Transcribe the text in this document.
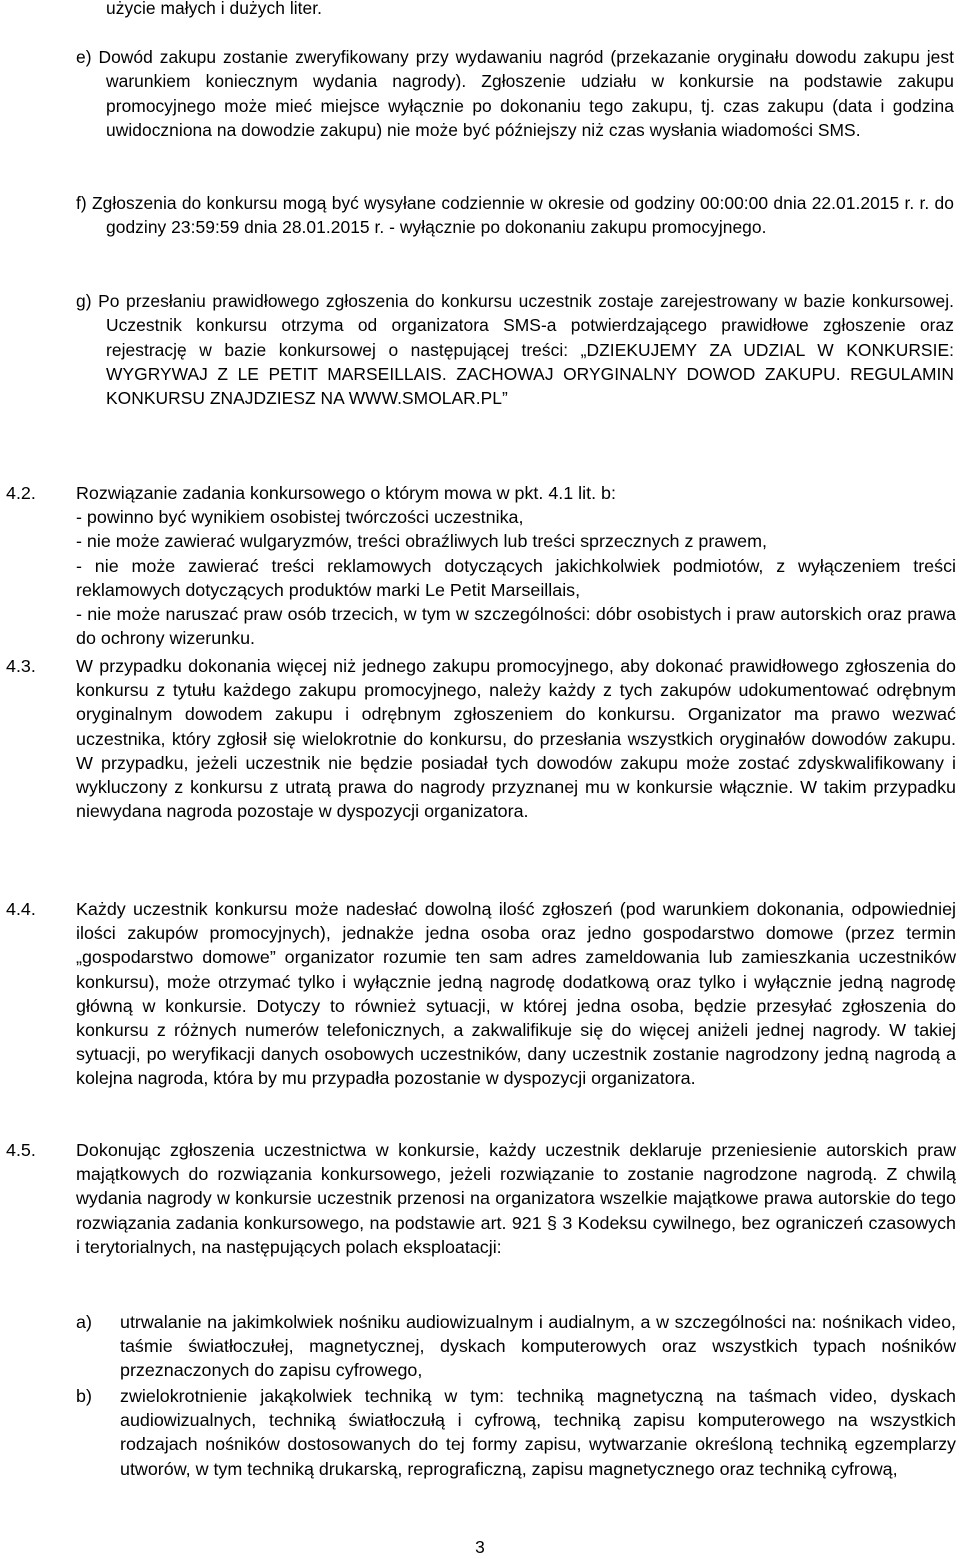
użycie małych i dużych liter.
e) Dowód zakupu zostanie zweryfikowany przy wydawaniu nagród (przekazanie oryginału dowodu zakupu jest warunkiem koniecznym wydania nagrody). Zgłoszenie udziału w konkursie na podstawie zakupu promocyjnego może mieć miejsce wyłącznie po dokonaniu tego zakupu, tj. czas zakupu (data i godzina uwidoczniona na dowodzie zakupu) nie może być późniejszy niż czas wysłania wiadomości SMS.
f) Zgłoszenia do konkursu mogą być wysyłane codziennie w okresie od godziny 00:00:00 dnia 22.01.2015 r. r. do godziny 23:59:59 dnia 28.01.2015 r. - wyłącznie po dokonaniu zakupu promocyjnego.
g) Po przesłaniu prawidłowego zgłoszenia do konkursu uczestnik zostaje zarejestrowany w bazie konkursowej. Uczestnik konkursu otrzyma od organizatora SMS-a potwierdzającego prawidłowe zgłoszenie oraz rejestrację w bazie konkursowej o następującej treści: „DZIEKUJEMY ZA UDZIAL W KONKURSIE: WYGRYWAJ Z LE PETIT MARSEILLAIS. ZACHOWAJ ORYGINALNY DOWOD ZAKUPU. REGULAMIN KONKURSU ZNAJDZIESZ NA WWW.SMOLAR.PL”
4.2. Rozwiązanie zadania konkursowego o którym mowa w pkt. 4.1 lit. b:
- powinno być wynikiem osobistej twórczości uczestnika,
- nie może zawierać wulgaryzmów, treści obraźliwych lub treści sprzecznych z prawem,
- nie może zawierać treści reklamowych dotyczących jakichkolwiek podmiotów, z wyłączeniem treści reklamowych dotyczących produktów marki Le Petit Marseillais,
- nie może naruszać praw osób trzecich, w tym w szczególności: dóbr osobistych i praw autorskich oraz prawa do ochrony wizerunku.
4.3. W przypadku dokonania więcej niż jednego zakupu promocyjnego, aby dokonać prawidłowego zgłoszenia do konkursu z tytułu każdego zakupu promocyjnego, należy każdy z tych zakupów udokumentować odrębnym oryginalnym dowodem zakupu i odrębnym zgłoszeniem do konkursu. Organizator ma prawo wezwać uczestnika, który zgłosił się wielokrotnie do konkursu, do przesłania wszystkich oryginałów dowodów zakupu. W przypadku, jeżeli uczestnik nie będzie posiadał tych dowodów zakupu może zostać zdyskwalifikowany i wykluczony z konkursu z utratą prawa do nagrody przyznanej mu w konkursie włącznie. W takim przypadku niewydana nagroda pozostaje w dyspozycji organizatora.
4.4. Każdy uczestnik konkursu może nadesłać dowolną ilość zgłoszeń (pod warunkiem dokonania, odpowiedniej ilości zakupów promocyjnych), jednakże jedna osoba oraz jedno gospodarstwo domowe (przez termin „gospodarstwo domowe” organizator rozumie ten sam adres zameldowania lub zamieszkania uczestników konkursu), może otrzymać tylko i wyłącznie jedną nagrodę dodatkową oraz tylko i wyłącznie jedną nagrodę główną w konkursie. Dotyczy to również sytuacji, w której jedna osoba, będzie przesyłać zgłoszenia do konkursu z różnych numerów telefonicznych, a zakwalifikuje się do więcej aniżeli jednej nagrody. W takiej sytuacji, po weryfikacji danych osobowych uczestników, dany uczestnik zostanie nagrodzony jedną nagrodą a kolejna nagroda, która by mu przypadła pozostanie w dyspozycji organizatora.
4.5. Dokonując zgłoszenia uczestnictwa w konkursie, każdy uczestnik deklaruje przeniesienie autorskich praw majątkowych do rozwiązania konkursowego, jeżeli rozwiązanie to zostanie nagrodzone nagrodą. Z chwilą wydania nagrody w konkursie uczestnik przenosi na organizatora wszelkie majątkowe prawa autorskie do tego rozwiązania zadania konkursowego, na podstawie art. 921 § 3 Kodeksu cywilnego, bez ograniczeń czasowych i terytorialnych, na następujących polach eksploatacji:
a) utrwalanie na jakimkolwiek nośniku audiowizualnym i audialnym, a w szczególności na: nośnikach video, taśmie światłoczułej, magnetycznej, dyskach komputerowych oraz wszystkich typach nośników przeznaczonych do zapisu cyfrowego,
b) zwielokrotnienie jakąkolwiek techniką w tym: techniką magnetyczną na taśmach video, dyskach audiowizualnych, techniką światłoczułą i cyfrową, techniką zapisu komputerowego na wszystkich rodzajach nośników dostosowanych do tej formy zapisu, wytwarzanie określoną techniką egzemplarzy utworów, w tym techniką drukarską, reprograficzną, zapisu magnetycznego oraz techniką cyfrową,
3
